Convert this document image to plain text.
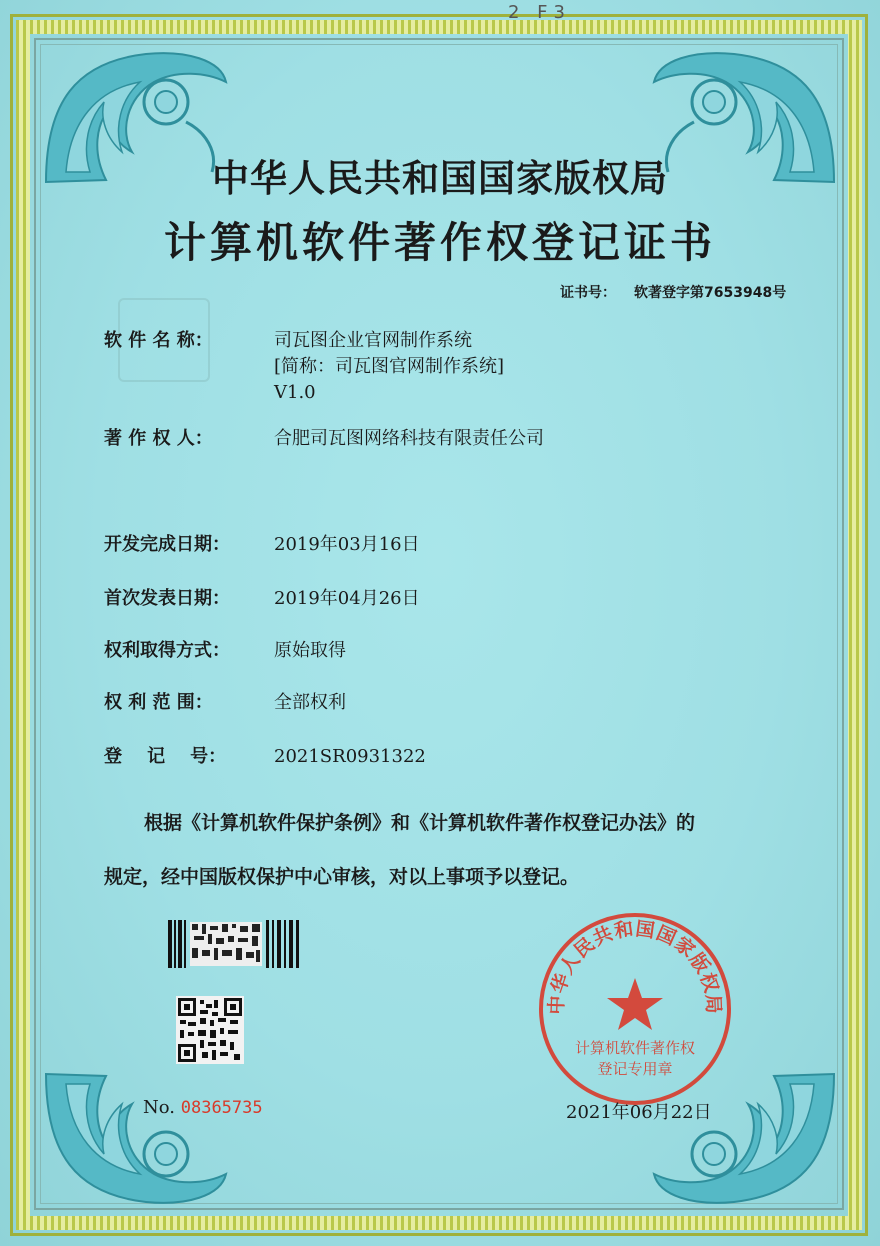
2 F3
中华人民共和国国家版权局
计算机软件著作权登记证书
证书号： 软著登字第7653948号
软 件 名 称：	司瓦图企业官网制作系统
[简称：司瓦图官网制作系统]
V1.0
著 作 权 人：	合肥司瓦图网络科技有限责任公司
开发完成日期：	2019年03月16日
首次发表日期：	2019年04月26日
权利取得方式：	原始取得
权 利 范 围：	全部权利
登    记    号：	2021SR0931322
根据《计算机软件保护条例》和《计算机软件著作权登记办法》的
规定，经中国版权保护中心审核，对以上事项予以登记。
No. 08365735
中华人民共和国国家版权局
计算机软件著作权
登记专用章
2021年06月22日
